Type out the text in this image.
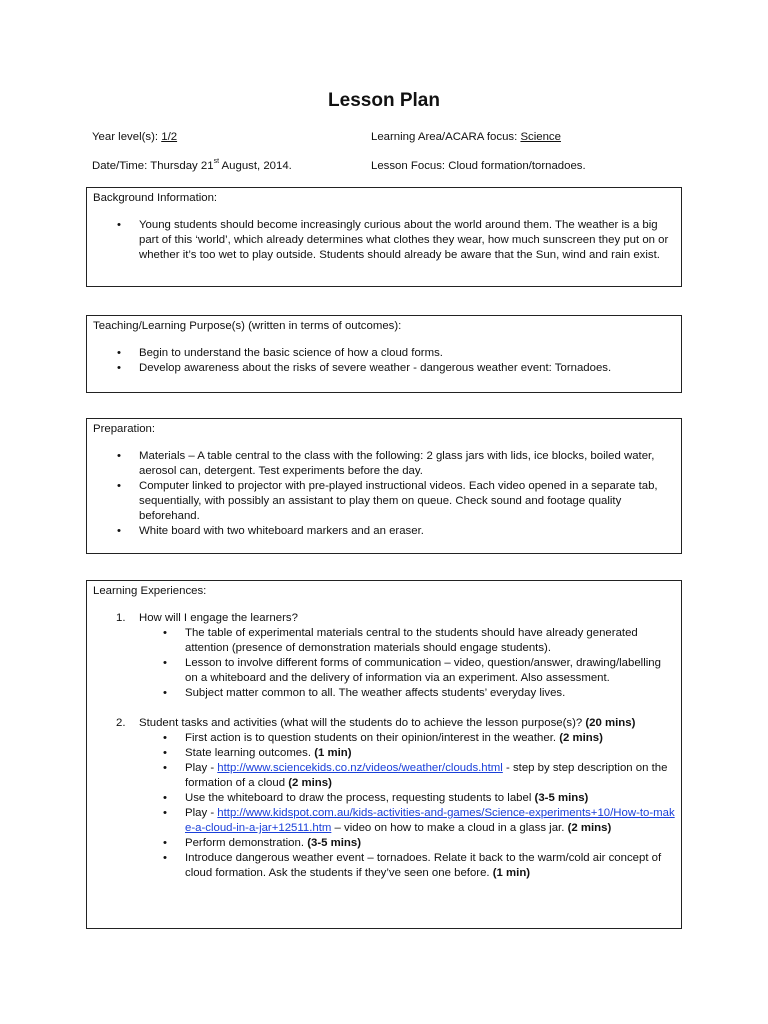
Lesson Plan
Year level(s): 1/2	Learning Area/ACARA focus: Science
Date/Time: Thursday 21st August, 2014.	Lesson Focus: Cloud formation/tornadoes.
Background Information:
• Young students should become increasingly curious about the world around them. The weather is a big part of this ‘world’, which already determines what clothes they wear, how much sunscreen they put on or whether it’s too wet to play outside. Students should already be aware that the Sun, wind and rain exist.
Teaching/Learning Purpose(s) (written in terms of outcomes):
• Begin to understand the basic science of how a cloud forms.
• Develop awareness about the risks of severe weather - dangerous weather event: Tornadoes.
Preparation:
• Materials – A table central to the class with the following: 2 glass jars with lids, ice blocks, boiled water, aerosol can, detergent. Test experiments before the day.
• Computer linked to projector with pre-played instructional videos. Each video opened in a separate tab, sequentially, with possibly an assistant to play them on queue. Check sound and footage quality beforehand.
• White board with two whiteboard markers and an eraser.
Learning Experiences:
1. How will I engage the learners?
• The table of experimental materials central to the students should have already generated attention (presence of demonstration materials should engage students).
• Lesson to involve different forms of communication – video, question/answer, drawing/labelling on a whiteboard and the delivery of information via an experiment. Also assessment.
• Subject matter common to all. The weather affects students’ everyday lives.
2. Student tasks and activities (what will the students do to achieve the lesson purpose(s)? (20 mins)
• First action is to question students on their opinion/interest in the weather. (2 mins)
• State learning outcomes. (1 min)
• Play - http://www.sciencekids.co.nz/videos/weather/clouds.html - step by step description on the formation of a cloud (2 mins)
• Use the whiteboard to draw the process, requesting students to label (3-5 mins)
• Play - http://www.kidspot.com.au/kids-activities-and-games/Science-experiments+10/How-to-make-a-cloud-in-a-jar+12511.htm – video on how to make a cloud in a glass jar. (2 mins)
• Perform demonstration. (3-5 mins)
• Introduce dangerous weather event – tornadoes. Relate it back to the warm/cold air concept of cloud formation. Ask the students if they’ve seen one before. (1 min)
